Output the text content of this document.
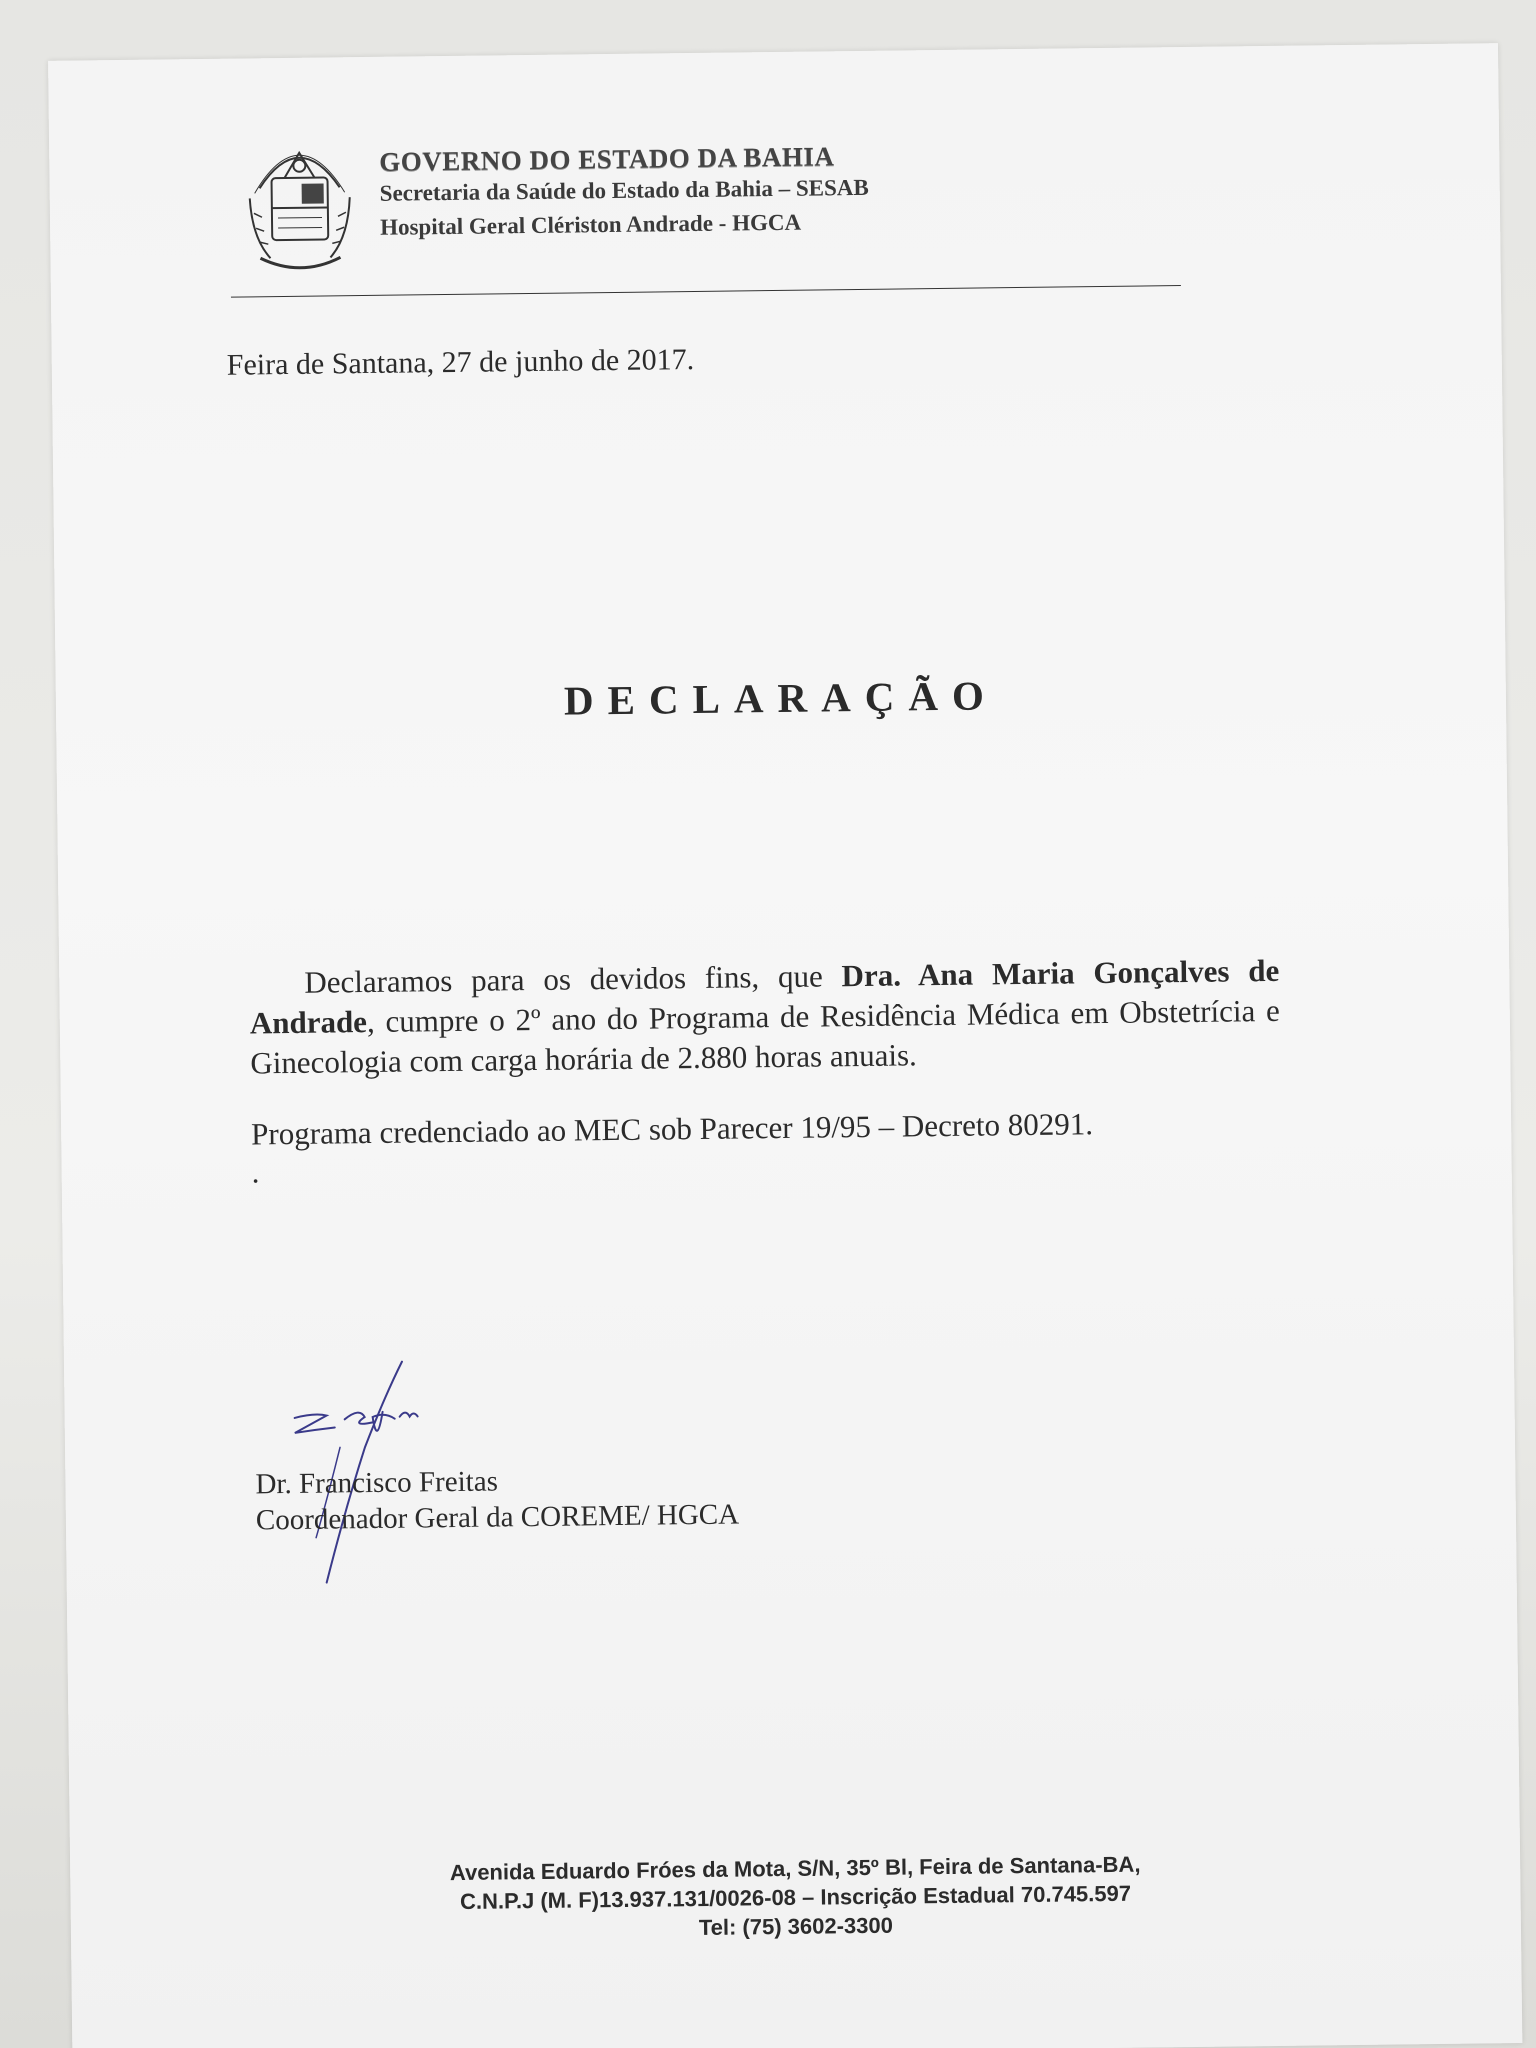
GOVERNO DO ESTADO DA BAHIA
Secretaria da Saúde do Estado da Bahia – SESAB
Hospital Geral Clériston Andrade - HGCA
Feira de Santana, 27 de junho de 2017.
DECLARAÇÃO
Declaramos para os devidos fins, que Dra. Ana Maria Gonçalves de Andrade, cumpre o 2º ano do Programa de Residência Médica em Obstetrícia e Ginecologia com carga horária de 2.880 horas anuais.
Programa credenciado ao MEC sob Parecer 19/95 – Decreto 80291.
.
Dr. Francisco Freitas
Coordenador Geral da COREME/ HGCA
Avenida Eduardo Fróes da Mota, S/N, 35º Bl, Feira de Santana-BA,
C.N.P.J (M. F)13.937.131/0026-08 – Inscrição Estadual 70.745.597
Tel: (75) 3602-3300
